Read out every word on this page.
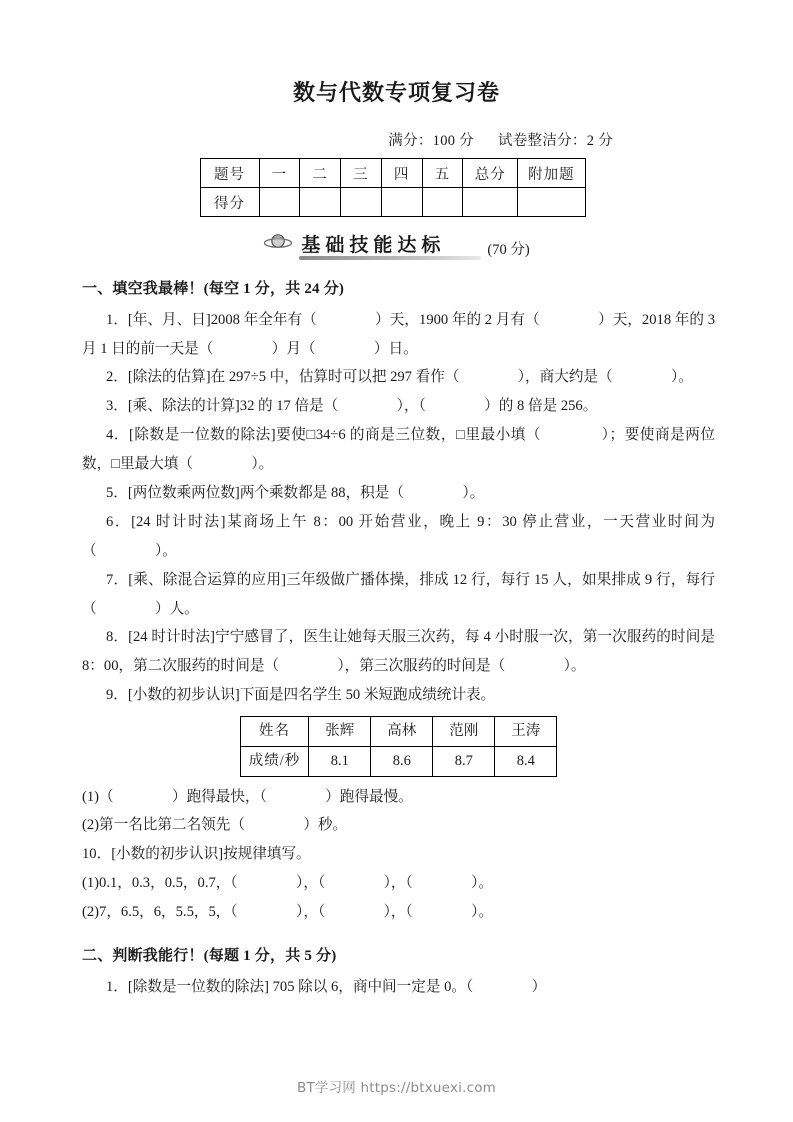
数与代数专项复习卷
满分：100 分 试卷整洁分：2 分
题号	一	二	三	四	五	总分	附加题
得分							
基础技能达标	(70 分)
一、填空我最棒！(每空 1 分，共 24 分)

1．[年、月、日]2008 年全年有（　　　　）天，1900 年的 2 月有（　　　　）天，2018 年的 3 月 1 日的前一天是（　　　　）月（　　　　）日。

2．[除法的估算]在 297÷5 中，估算时可以把 297 看作（　　　　），商大约是（　　　　）。

3．[乘、除法的计算]32 的 17 倍是（　　　　），（　　　　）的 8 倍是 256。

4．[除数是一位数的除法]要使□34÷6 的商是三位数，□里最小填（　　　　）；要使商是两位数，□里最大填（　　　　）。

5．[两位数乘两位数]两个乘数都是 88，积是（　　　　）。

6．[24 时计时法]某商场上午 8：00 开始营业，晚上 9：30 停止营业，一天营业时间为（　　　　）。

7．[乘、除混合运算的应用]三年级做广播体操，排成 12 行，每行 15 人，如果排成 9 行，每行（　　　　）人。

8．[24 时计时法]宁宁感冒了，医生让她每天服三次药，每 4 小时服一次，第一次服药的时间是 8：00，第二次服药的时间是（　　　　），第三次服药的时间是（　　　　）。

9．[小数的初步认识]下面是四名学生 50 米短跑成绩统计表。

姓名	张辉	高林	范刚	王涛
成绩/秒	8.1	8.6	8.7	8.4

(1)（　　　　）跑得最快，（　　　　）跑得最慢。

(2)第一名比第二名领先（　　　　）秒。

10．[小数的初步认识]按规律填写。

(1)0.1，0.3，0.5，0.7，（　　　　），（　　　　），（　　　　）。

(2)7，6.5，6，5.5，5，（　　　　），（　　　　），（　　　　）。

二、判断我能行！(每题 1 分，共 5 分)

1．[除数是一位数的除法] 705 除以 6，商中间一定是 0。（　　　　）

BT学习网 https://btxuexi.com
